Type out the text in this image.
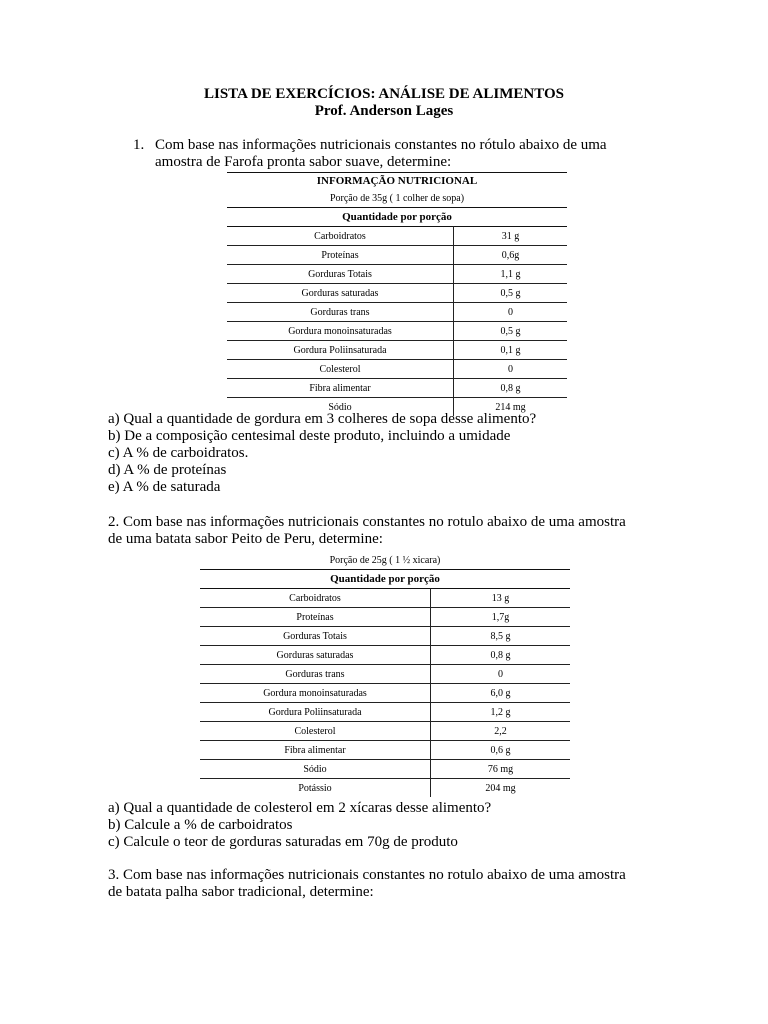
LISTA DE EXERCÍCIOS: ANÁLISE DE ALIMENTOS
Prof. Anderson Lages
1. Com base nas informações nutricionais constantes no rótulo abaixo de uma
amostra de Farofa pronta sabor suave, determine:
INFORMAÇÃO NUTRICIONAL	
Porção de 35g ( 1 colher de sopa)	
Quantidade por porção	
Carboidratos	31 g
Proteínas	0,6g
Gorduras Totais	1,1 g
Gorduras saturadas	0,5 g
Gorduras trans	0
Gordura monoinsaturadas	0,5 g
Gordura Poliinsaturada	0,1 g
Colesterol	0
Fibra alimentar	0,8 g
Sódio	214 mg
a) Qual a quantidade de gordura em 3 colheres de sopa desse alimento?
b) De a composição centesimal deste produto, incluindo a umidade
c) A % de carboidratos.
d) A % de proteínas
e) A % de saturada
2. Com base nas informações nutricionais constantes no rotulo abaixo de uma amostra
de uma batata sabor Peito de Peru, determine:
Porção de 25g ( 1 ½ xicara)	
Quantidade por porção	
Carboidratos	13 g
Proteínas	1,7g
Gorduras Totais	8,5 g
Gorduras saturadas	0,8 g
Gorduras trans	0
Gordura monoinsaturadas	6,0 g
Gordura Poliinsaturada	1,2 g
Colesterol	2,2
Fibra alimentar	0,6 g
Sódio	76 mg
Potássio	204 mg
a) Qual a quantidade de colesterol em 2 xícaras desse alimento?
b) Calcule a % de carboidratos
c) Calcule o teor de gorduras saturadas em 70g de produto
3. Com base nas informações nutricionais constantes no rotulo abaixo de uma amostra
de batata palha sabor tradicional, determine:
